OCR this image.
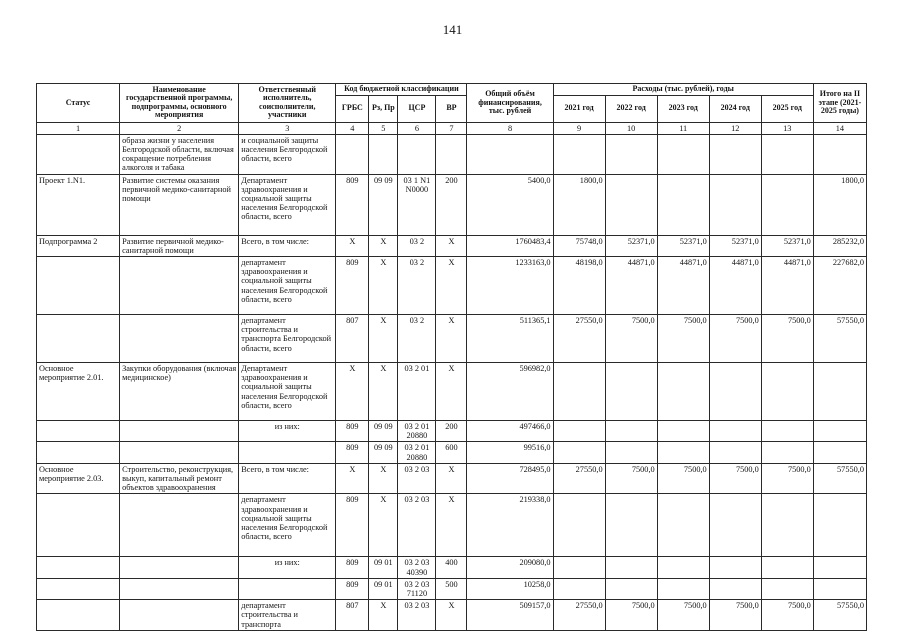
141
Статус	Наименование государственной программы, подпрограммы, основного мероприятия	Ответственный исполнитель, соисполнители, участники	Код бюджетной классификации				Общий объём финансирования, тыс. рублей	Расходы (тыс. рублей), годы					Итого на II этапе (2021-2025 годы)
			ГРБС	Рз, Пр	ЦСР	ВР		2021 год	2022 год	2023 год	2024 год	2025 год	
1	2	3	4	5	6	7	8	9	10	11	12	13	14
	образа жизни у населения Белгородской области, включая сокращение потребления алкоголя и табака	и социальной защиты населения Белгородской области, всего											
Проект 1.N1.	Развитие системы оказания первичной медико-санитарной помощи	Департамент здравоохранения и социальной защиты населения Белгородской области, всего	809	09 09	03 1 N1 N0000	200	5400,0	1800,0					1800,0
Подпрограмма 2	Развитие первичной медико-санитарной помощи	Всего, в том числе:	X	X	03 2	X	1760483,4	75748,0	52371,0	52371,0	52371,0	52371,0	285232,0
		департамент здравоохранения и социальной защиты населения Белгородской области, всего	809	X	03 2	X	1233163,0	48198,0	44871,0	44871,0	44871,0	44871,0	227682,0
		департамент строительства и транспорта Белгородской области, всего	807	X	03 2	X	511365,1	27550,0	7500,0	7500,0	7500,0	7500,0	57550,0
Основное мероприятие 2.01.	Закупки оборудования (включая медицинское)	Департамент здравоохранения и социальной защиты населения Белгородской области, всего	X	X	03 2 01	X	596982,0						
		из них:	809	09 09	03 2 01 20880	200	497466,0						
			809	09 09	03 2 01 20880	600	99516,0						
Основное мероприятие 2.03.	Строительство, реконструкция, выкуп, капитальный ремонт объектов здравоохранения	Всего, в том числе:	X	X	03 2 03	X	728495,0	27550,0	7500,0	7500,0	7500,0	7500,0	57550,0
		департамент здравоохранения и социальной защиты населения Белгородской области, всего	809	X	03 2 03	X	219338,0						
		из них:	809	09 01	03 2 03 40390	400	209080,0						
			809	09 01	03 2 03 71120	500	10258,0						
		департамент строительства и транспорта	807	X	03 2 03	X	509157,0	27550,0	7500,0	7500,0	7500,0	7500,0	57550,0
